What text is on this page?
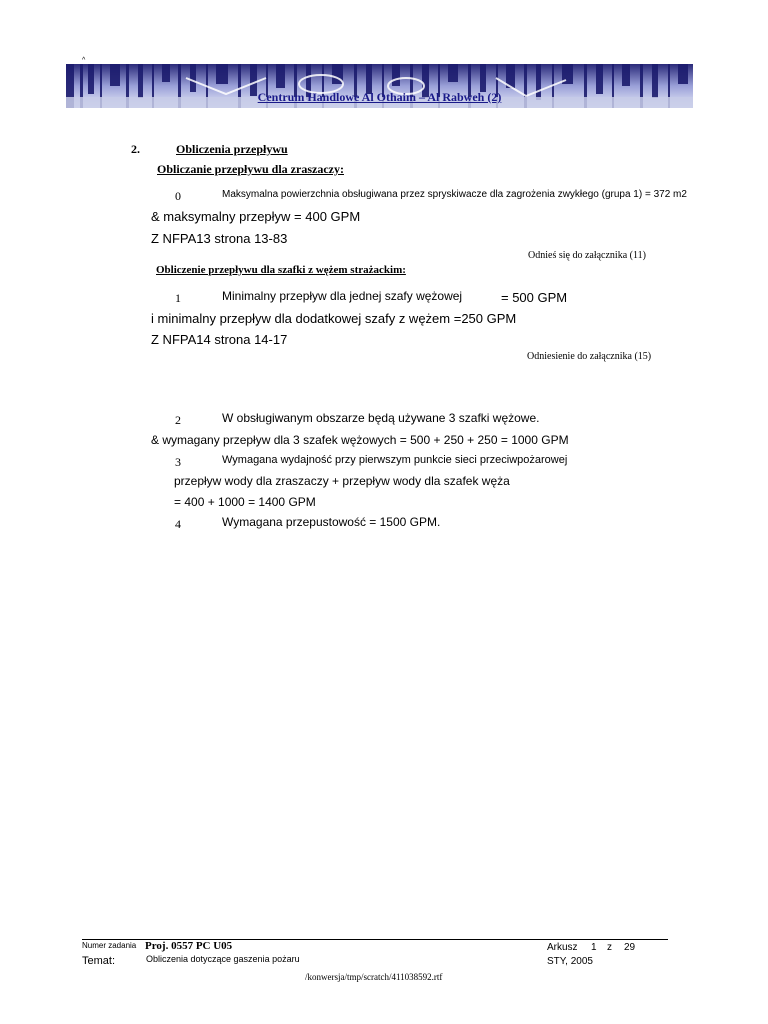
^
Centrum Handlowe Al Othaim – Al Rabweh (2)
2.	Obliczenia przepływu
Obliczanie przepływu dla zraszaczy:
0	Maksymalna powierzchnia obsługiwana przez spryskiwacze dla zagrożenia zwykłego (grupa 1) = 372 m2
& maksymalny przepływ = 400 GPM
Z NFPA13 strona 13-83
Odnieś się do załącznika (11)
Obliczenie przepływu dla szafki z wężem strażackim:
1	Minimalny przepływ dla jednej szafy wężowej	= 500 GPM
i minimalny przepływ dla dodatkowej szafy z wężem =250 GPM
Z NFPA14 strona 14-17
Odniesienie do załącznika (15)
2	W obsługiwanym obszarze będą używane 3 szafki wężowe.
& wymagany przepływ dla 3 szafek wężowych = 500 + 250 + 250 = 1000 GPM
3	Wymagana wydajność przy pierwszym punkcie sieci przeciwpożarowej
przepływ wody dla zraszaczy + przepływ wody dla szafek węża
= 400 + 1000 = 1400 GPM
4	Wymagana przepustowość = 1500 GPM.
Numer zadania Proj. 0557 PC U05
Temat:	Obliczenia dotyczące gaszenia pożaru
Arkusz 1 z 29
STY, 2005
/konwersja/tmp/scratch/411038592.rtf
